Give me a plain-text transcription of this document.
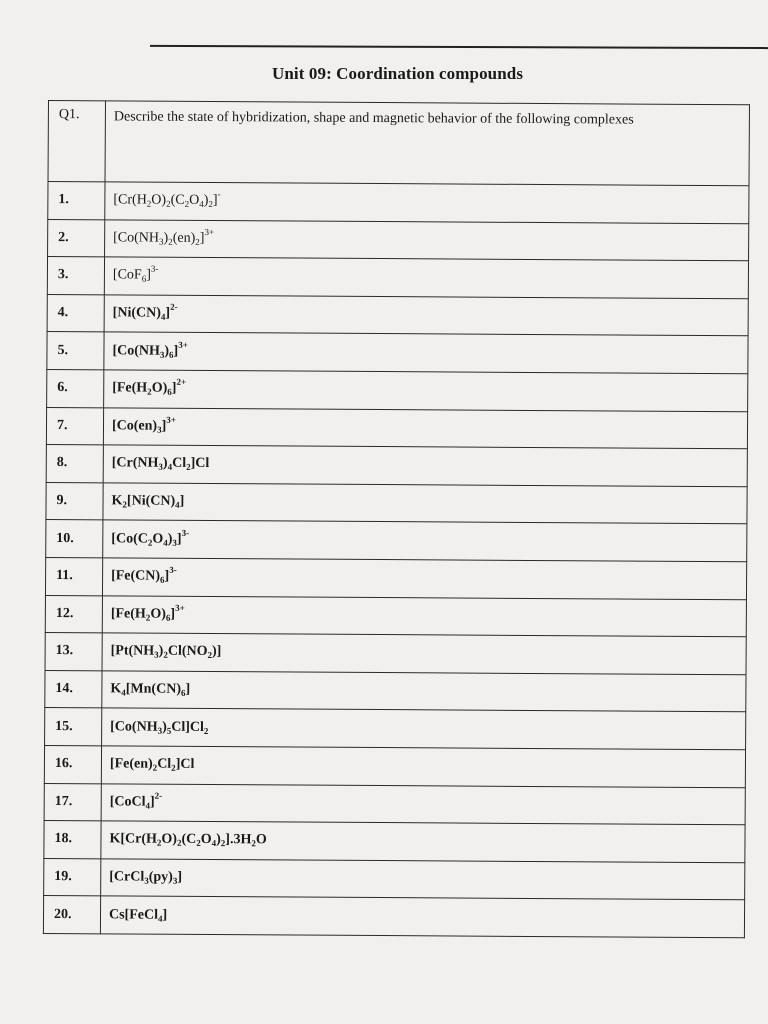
Unit 09: Coordination compounds
Q1.	Describe the state of hybridization, shape and magnetic behavior of the following complexes
1.	$[Cr(H_2O)_2(C_2O_4)_2]^-$
2.	$[Co(NH_3)_2(en)_2]^{3+}$
3.	$[CoF_6]^{3-}$
4.	$[Ni(CN)_4]^{2-}$
5.	$[Co(NH_3)_6]^{3+}$
6.	$[Fe(H_2O)_6]^{2+}$
7.	$[Co(en)_3]^{3+}$
8.	$[Cr(NH_3)_4Cl_2]Cl$
9.	$K_2[Ni(CN)_4]$
10.	$[Co(C_2O_4)_3]^{3-}$
11.	$[Fe(CN)_6]^{3-}$
12.	$[Fe(H_2O)_6]^{3+}$
13.	$[Pt(NH_3)_2Cl(NO_2)]$
14.	$K_4[Mn(CN)_6]$
15.	$[Co(NH_3)_5Cl]Cl_2$
16.	$[Fe(en)_2Cl_2]Cl$
17.	[CoCl$_4$]$^{2-}$
18.	$K[Cr(H_2O)_2(C_2O_4)_2].3H_2O$
19.	$[CrCl_3(py)_3]$
20.	Cs[FeCl$_4$]
